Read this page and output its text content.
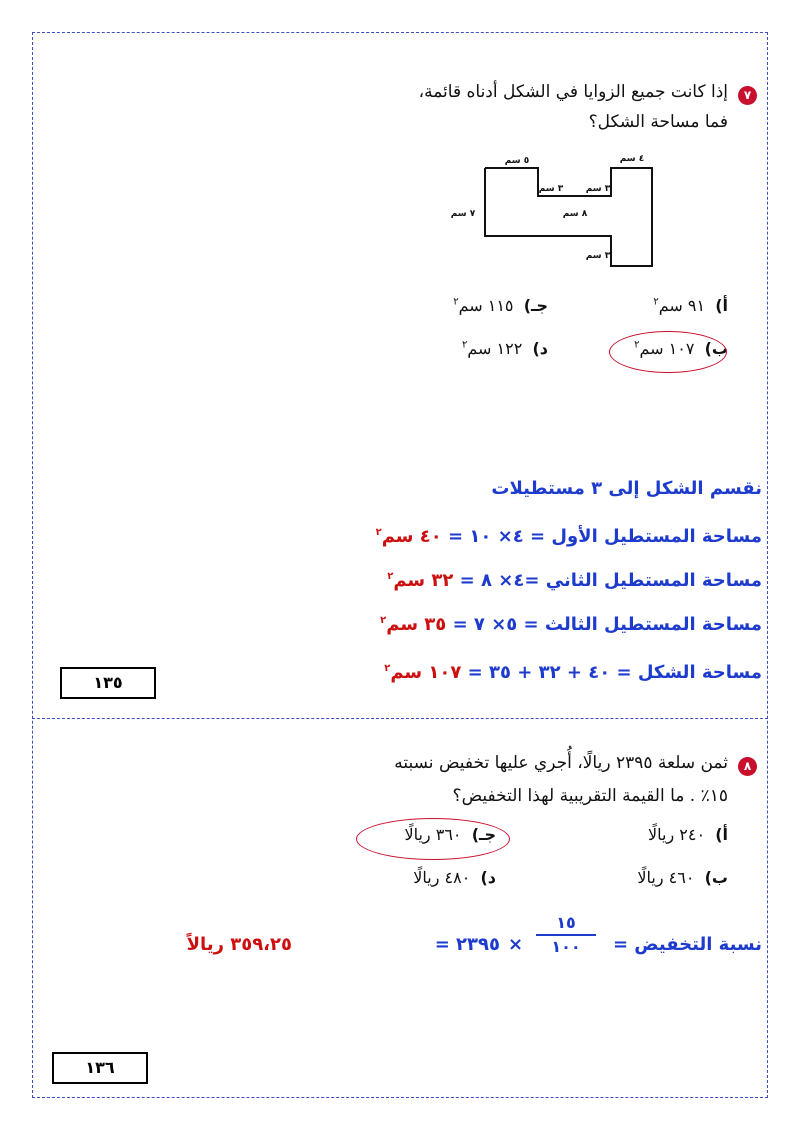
٧
إذا كانت جميع الزوايا في الشكل أدناه قائمة،
فما مساحة الشكل؟
٥ سم	٤ سم
٣ سم ٣ سم
٨ سم
٧ سم
٣ سم
أ)  ٩١ سم$^٢$
جـ)  ١١٥ سم$^٢$
ب)  ١٠٧ سم$^٢$
د)  ١٢٢ سم$^٢$
نقسم الشكل إلى ٣ مستطيلات
مساحة المستطيل الأول = ٤× ١٠ = ٤٠ سم$^٢$
مساحة المستطيل الثاني =٤× ٨ = ٣٢ سم$^٢$
مساحة المستطيل الثالث = ٥× ٧ = ٣٥ سم$^٢$
مساحة الشكل = ٤٠ + ٣٢ + ٣٥ = ١٠٧ سم$^٢$
١٣٥
٨
ثمن سلعة ٢٣٩٥ ريالًا، أُجري عليها تخفيض نسبته
١٥٪ . ما القيمة التقريبية لهذا التخفيض؟
أ)  ٢٤٠ ريالًا
جـ)  ٣٦٠ ريالًا
ب)  ٤٦٠ ريالًا
د)  ٤٨٠ ريالًا
نسبة التخفيض =
١٥
١٠٠
×
٢٣٩٥ =
٣٥٩،٢٥ ريالاً
١٣٦
